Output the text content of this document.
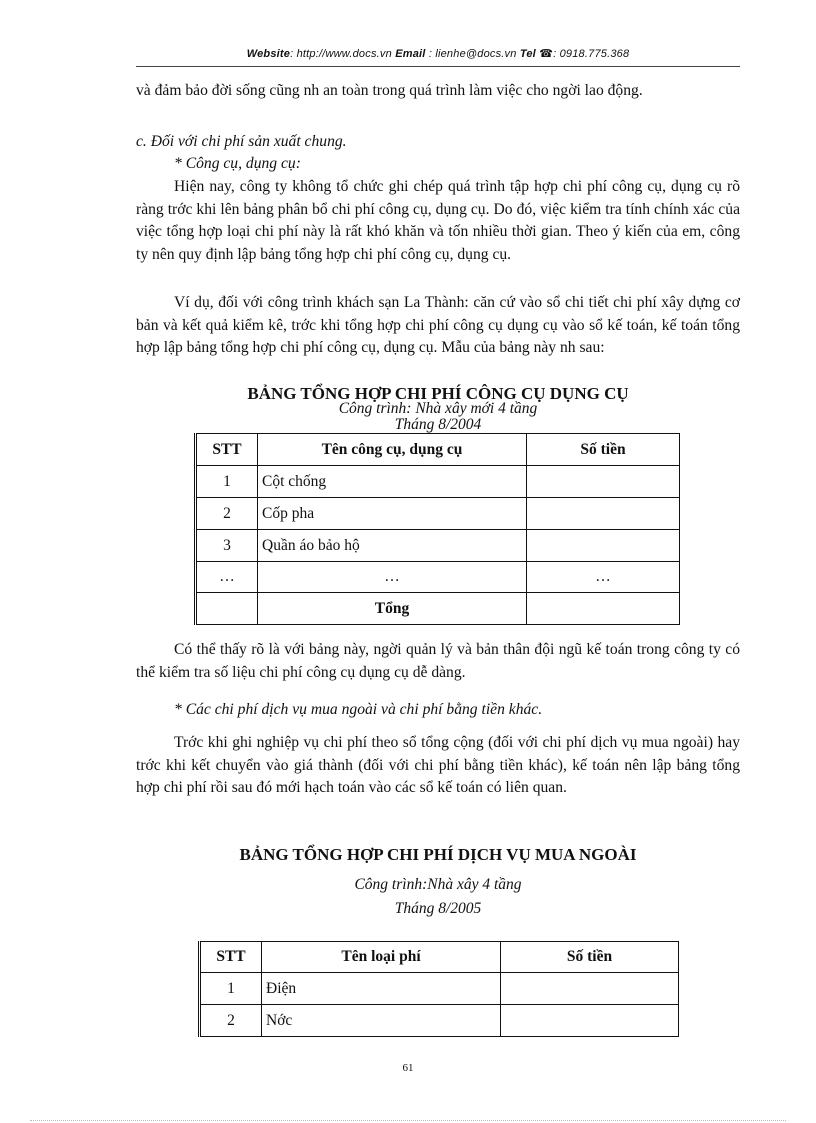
Website: http://www.docs.vn Email : lienhe@docs.vn Tel ☎: 0918.775.368

và đảm bảo đời sống cũng nh an toàn trong quá trình làm việc cho ngời lao động.

c. Đối với chi phí sản xuất chung.

* Công cụ, dụng cụ:

Hiện nay, công ty không tổ chức ghi chép quá trình tập hợp chi phí công cụ, dụng cụ rõ ràng trớc khi lên bảng phân bổ chi phí công cụ, dụng cụ. Do đó, việc kiểm tra tính chính xác của việc tổng hợp loại chi phí này là rất khó khăn và tốn nhiều thời gian. Theo ý kiến của em, công ty nên quy định lập bảng tổng hợp chi phí công cụ, dụng cụ.

Ví dụ, đối với công trình khách sạn La Thành: căn cứ vào sổ chi tiết chi phí xây dựng cơ bản và kết quả kiểm kê, trớc khi tổng hợp chi phí công cụ dụng cụ vào sổ kế toán, kế toán tổng hợp lập bảng tổng hợp chi phí công cụ, dụng cụ. Mẫu của bảng này nh sau:

BẢNG TỔNG HỢP CHI PHÍ CÔNG CỤ DỤNG CỤ
Công trình: Nhà xây mới 4 tầng
Tháng 8/2004
STT	Tên công cụ, dụng cụ	Số tiền
1	Cột chống	
2	Cốp pha	
3	Quần áo bảo hộ	
…	…	…
	Tổng	

Có thể thấy rõ là với bảng này, ngời quản lý và bản thân đội ngũ kế toán trong công ty có thể kiểm tra số liệu chi phí công cụ dụng cụ dễ dàng.

* Các chi phí dịch vụ mua ngoài và chi phí bằng tiền khác.

Trớc khi ghi nghiệp vụ chi phí theo sổ tổng cộng (đối với chi phí dịch vụ mua ngoài) hay trớc khi kết chuyển vào giá thành (đối với chi phí bằng tiền khác), kế toán nên lập bảng tổng hợp chi phí rồi sau đó mới hạch toán vào các sổ kế toán có liên quan.

BẢNG TỔNG HỢP CHI PHÍ DỊCH VỤ MUA NGOÀI
Công trình:Nhà xây 4 tầng
Tháng 8/2005
STT	Tên loại phí	Số tiền
1	Điện	
2	Nớc	
61
